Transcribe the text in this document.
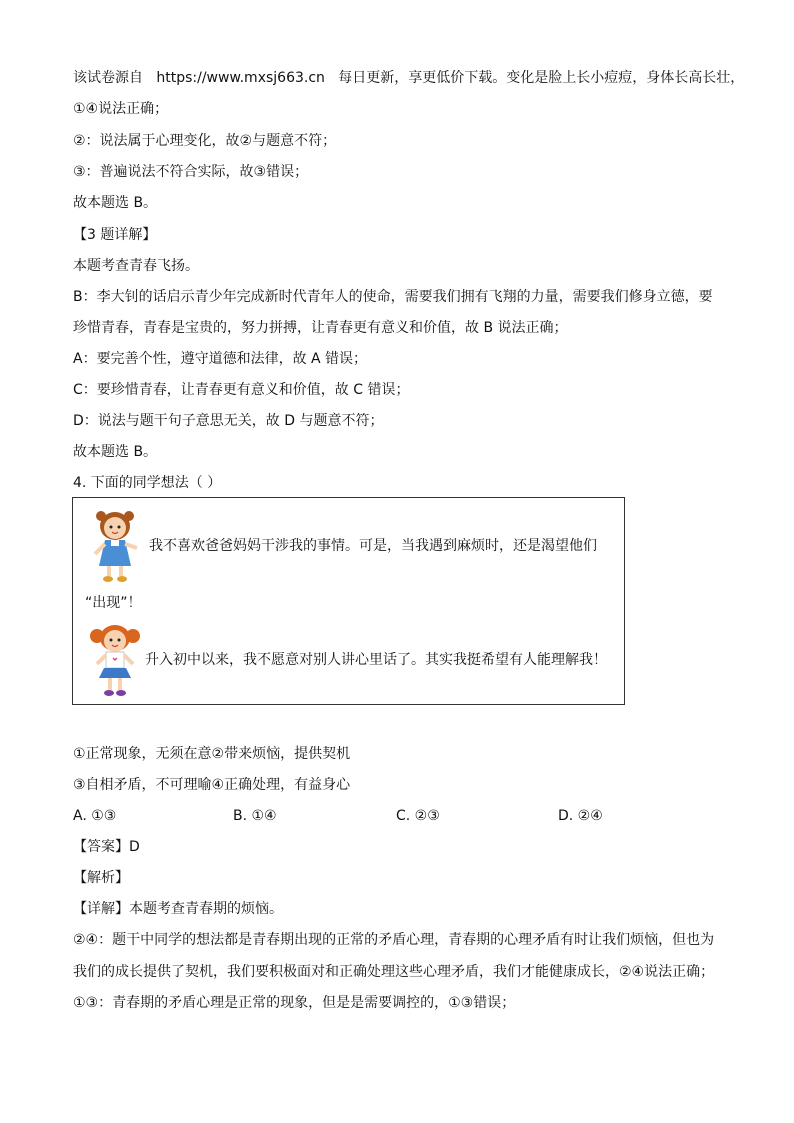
该试卷源自 https://www.mxsj663.cn 每日更新，享更低价下载。变化是脸上长小痘痘，身体长高长壮，
①④说法正确；
②：说法属于心理变化，故②与题意不符；
③：普遍说法不符合实际，故③错误；
故本题选 B。
【3 题详解】
本题考查青春飞扬。
B：李大钊的话启示青少年完成新时代青年人的使命，需要我们拥有飞翔的力量，需要我们修身立德，要
珍惜青春，青春是宝贵的，努力拼搏，让青春更有意义和价值，故 B 说法正确；
A：要完善个性，遵守道德和法律，故 A 错误；
C：要珍惜青春，让青春更有意义和价值，故 C 错误；
D：说法与题干句子意思无关，故 D 与题意不符；
故本题选 B。
4. 下面的同学想法（ ）
我不喜欢爸爸妈妈干涉我的事情。可是，当我遇到麻烦时，还是渴望他们
“出现”！
升入初中以来，我不愿意对别人讲心里话了。其实我挺希望有人能理解我！
①正常现象，无须在意②带来烦恼，提供契机
③自相矛盾，不可理喻④正确处理，有益身心
A. ①③	B. ①④	C. ②③	D. ②④
【答案】D
【解析】
【详解】本题考查青春期的烦恼。
②④：题干中同学的想法都是青春期出现的正常的矛盾心理，青春期的心理矛盾有时让我们烦恼，但也为
我们的成长提供了契机，我们要积极面对和正确处理这些心理矛盾，我们才能健康成长，②④说法正确；
①③：青春期的矛盾心理是正常的现象，但是是需要调控的，①③错误；
